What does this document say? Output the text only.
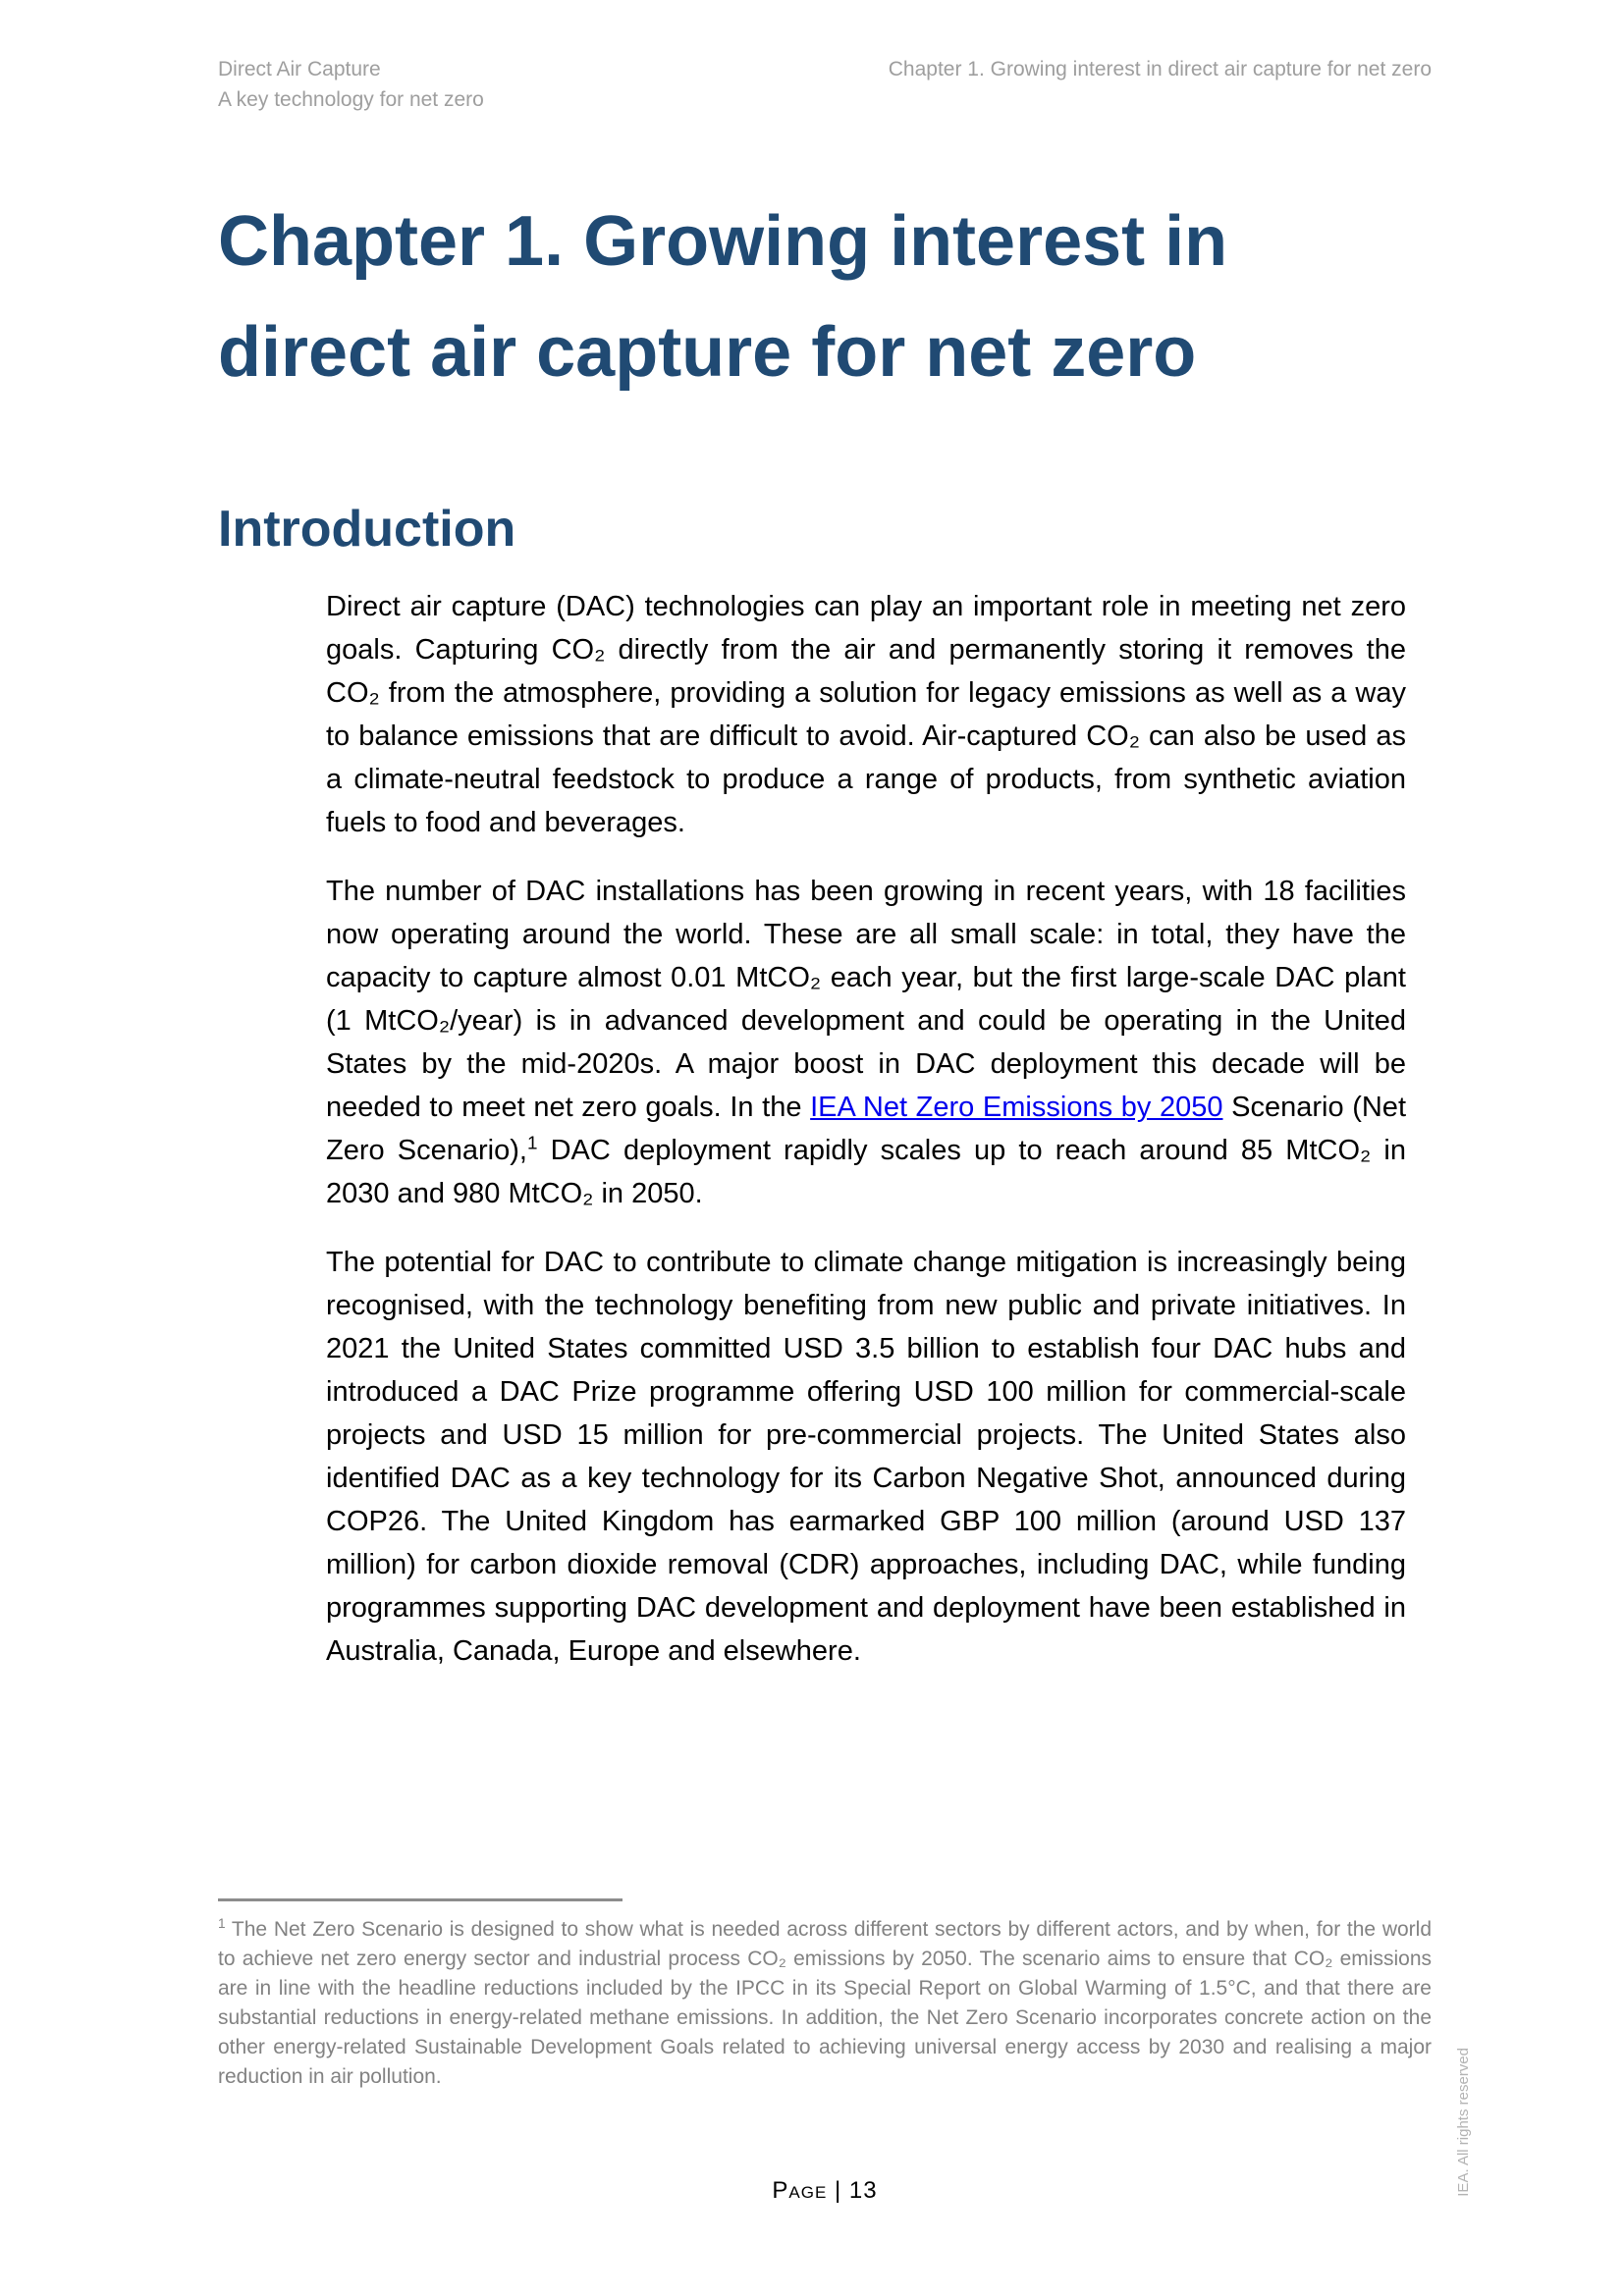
Direct Air Capture
A key technology for net zero
Chapter 1. Growing interest in direct air capture for net zero
Chapter 1. Growing interest in direct air capture for net zero
Introduction

Direct air capture (DAC) technologies can play an important role in meeting net zero goals. Capturing CO₂ directly from the air and permanently storing it removes the CO₂ from the atmosphere, providing a solution for legacy emissions as well as a way to balance emissions that are difficult to avoid. Air-captured CO₂ can also be used as a climate-neutral feedstock to produce a range of products, from synthetic aviation fuels to food and beverages.

The number of DAC installations has been growing in recent years, with 18 facilities now operating around the world. These are all small scale: in total, they have the capacity to capture almost 0.01 MtCO₂ each year, but the first large-scale DAC plant (1 MtCO₂/year) is in advanced development and could be operating in the United States by the mid-2020s. A major boost in DAC deployment this decade will be needed to meet net zero goals. In the IEA Net Zero Emissions by 2050 Scenario (Net Zero Scenario),$^1$ DAC deployment rapidly scales up to reach around 85 MtCO₂ in 2030 and 980 MtCO₂ in 2050.

The potential for DAC to contribute to climate change mitigation is increasingly being recognised, with the technology benefiting from new public and private initiatives. In 2021 the United States committed USD 3.5 billion to establish four DAC hubs and introduced a DAC Prize programme offering USD 100 million for commercial-scale projects and USD 15 million for pre-commercial projects. The United States also identified DAC as a key technology for its Carbon Negative Shot, announced during COP26. The United Kingdom has earmarked GBP 100 million (around USD 137 million) for carbon dioxide removal (CDR) approaches, including DAC, while funding programmes supporting DAC development and deployment have been established in Australia, Canada, Europe and elsewhere.

$^1$ The Net Zero Scenario is designed to show what is needed across different sectors by different actors, and by when, for the world to achieve net zero energy sector and industrial process CO₂ emissions by 2050. The scenario aims to ensure that CO₂ emissions are in line with the headline reductions included by the IPCC in its Special Report on Global Warming of 1.5°C, and that there are substantial reductions in energy-related methane emissions. In addition, the Net Zero Scenario incorporates concrete action on the other energy-related Sustainable Development Goals related to achieving universal energy access by 2030 and realising a major reduction in air pollution.

Page | 13	IEA. All rights reserved
